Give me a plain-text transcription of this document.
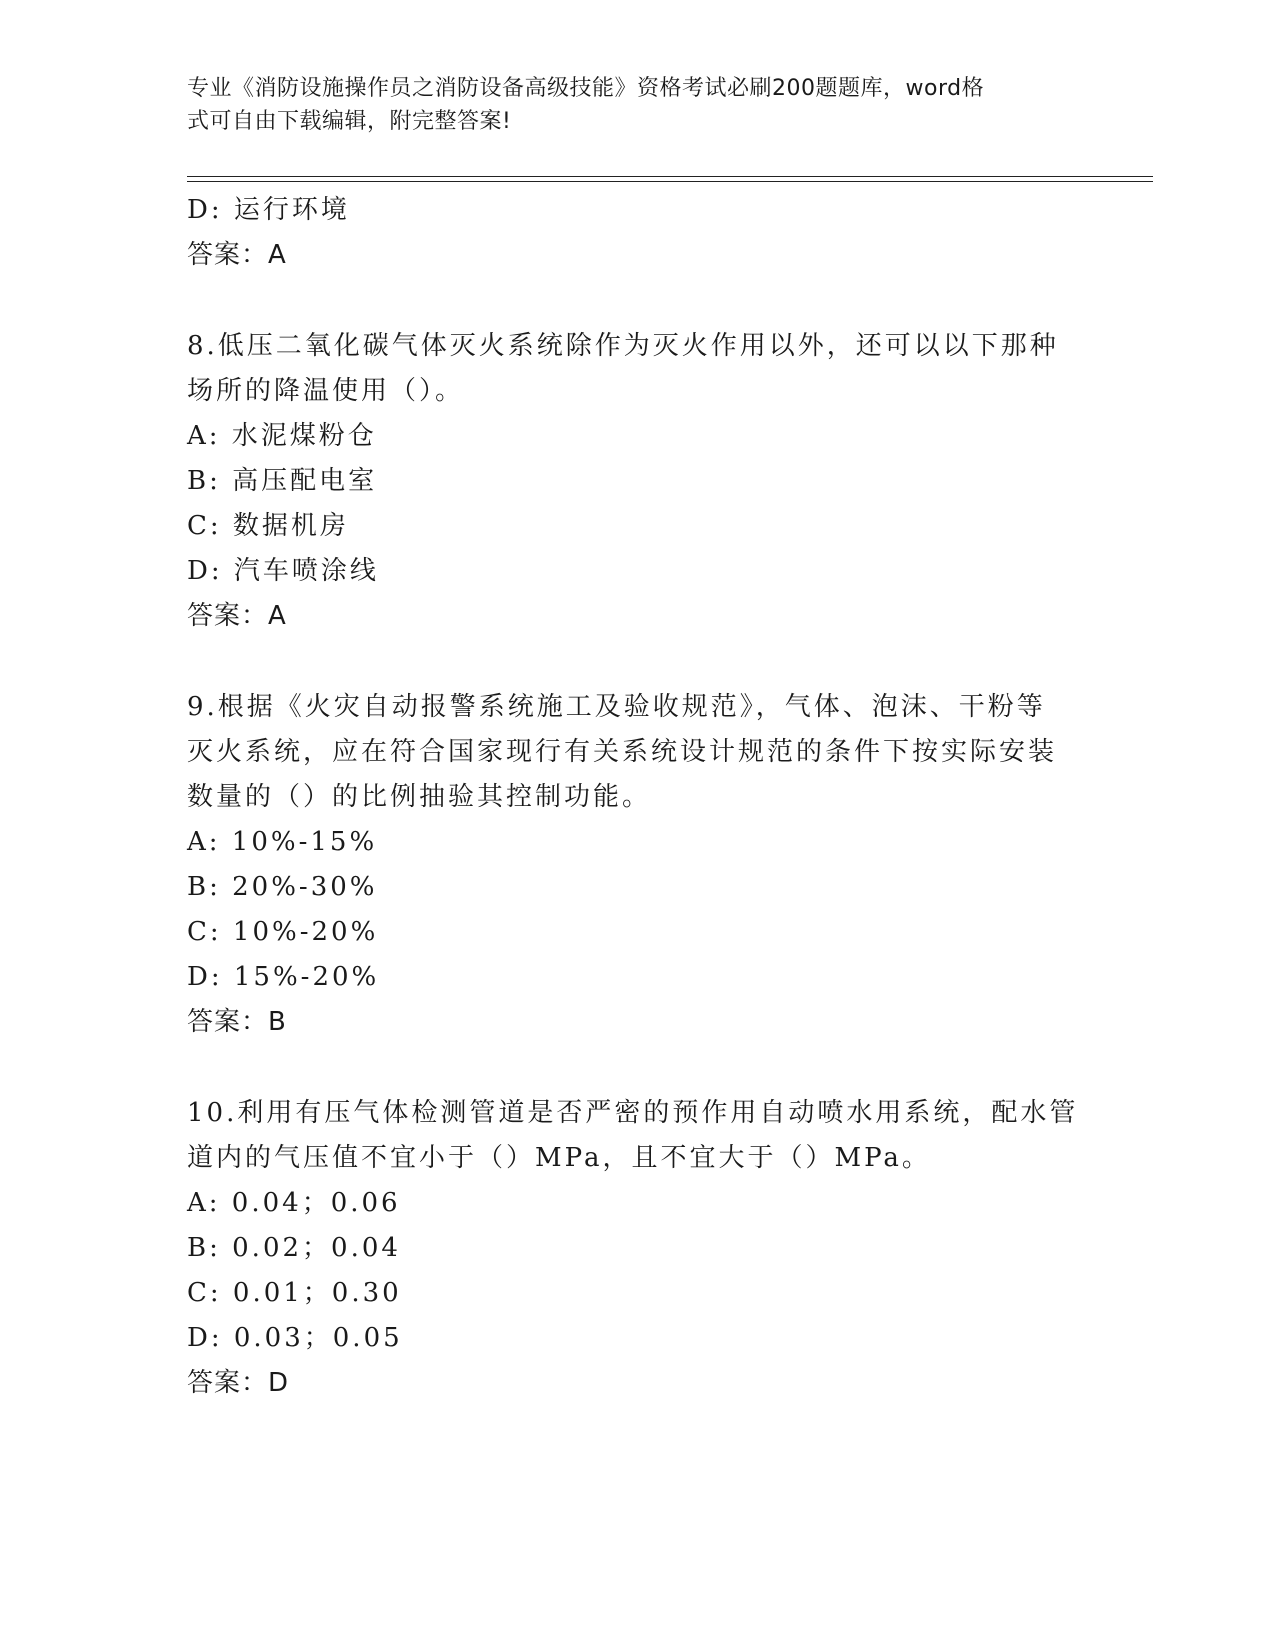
专业《消防设施操作员之消防设备高级技能》资格考试必刷200题题库，word格
式可自由下载编辑，附完整答案!
D: 运行环境
答案：A
8.低压二氧化碳气体灭火系统除作为灭火作用以外，还可以以下那种
场所的降温使用（）。
A: 水泥煤粉仓
B: 高压配电室
C: 数据机房
D: 汽车喷涂线
答案：A
9.根据《火灾自动报警系统施工及验收规范》，气体、泡沫、干粉等
灭火系统，应在符合国家现行有关系统设计规范的条件下按实际安装
数量的（）的比例抽验其控制功能。
A: 10%-15%
B: 20%-30%
C: 10%-20%
D: 15%-20%
答案：B
10.利用有压气体检测管道是否严密的预作用自动喷水用系统，配水管
道内的气压值不宜小于（）MPa，且不宜大于（）MPa。
A: 0.04；0.06
B: 0.02；0.04
C: 0.01；0.30
D: 0.03；0.05
答案：D
